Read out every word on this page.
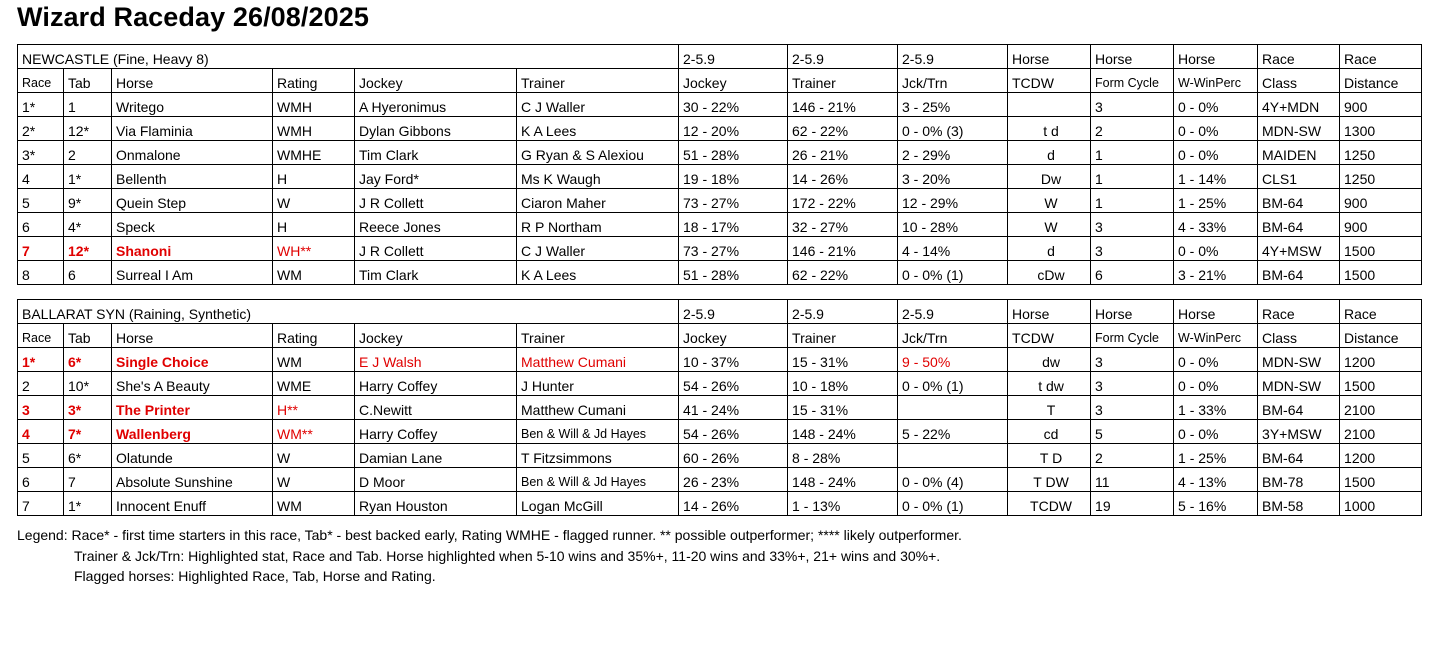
Wizard Raceday 26/08/2025
NEWCASTLE (Fine, Heavy 8)						2-5.9	2-5.9	2-5.9	Horse	Horse	Horse	Race	Race
Race	Tab	Horse	Rating	Jockey	Trainer	Jockey	Trainer	Jck/Trn	TCDW	Form Cycle	W-WinPerc	Class	Distance
1*	1	Writego	WMH	A Hyeronimus	C J Waller	30 - 22%	146 - 21%	3 - 25%		3	0 - 0%	4Y+MDN	900
2*	12*	Via Flaminia	WMH	Dylan Gibbons	K A Lees	12 - 20%	62 - 22%	0 - 0% (3)	t d	2	0 - 0%	MDN-SW	1300
3*	2	Onmalone	WMHE	Tim Clark	G Ryan & S Alexiou	51 - 28%	26 - 21%	2 - 29%	d	1	0 - 0%	MAIDEN	1250
4	1*	Bellenth	H	Jay Ford*	Ms K Waugh	19 - 18%	14 - 26%	3 - 20%	Dw	1	1 - 14%	CLS1	1250
5	9*	Quein Step	W	J R Collett	Ciaron Maher	73 - 27%	172 - 22%	12 - 29%	W	1	1 - 25%	BM-64	900
6	4*	Speck	H	Reece Jones	R P Northam	18 - 17%	32 - 27%	10 - 28%	W	3	4 - 33%	BM-64	900
7	12*	Shanoni	WH**	J R Collett	C J Waller	73 - 27%	146 - 21%	4 - 14%	d	3	0 - 0%	4Y+MSW	1500
8	6	Surreal I Am	WM	Tim Clark	K A Lees	51 - 28%	62 - 22%	0 - 0% (1)	cDw	6	3 - 21%	BM-64	1500
BALLARAT SYN (Raining, Synthetic)						2-5.9	2-5.9	2-5.9	Horse	Horse	Horse	Race	Race
Race	Tab	Horse	Rating	Jockey	Trainer	Jockey	Trainer	Jck/Trn	TCDW	Form Cycle	W-WinPerc	Class	Distance
1*	6*	Single Choice	WM	E J Walsh	Matthew Cumani	10 - 37%	15 - 31%	9 - 50%	dw	3	0 - 0%	MDN-SW	1200
2	10*	She's A Beauty	WME	Harry Coffey	J Hunter	54 - 26%	10 - 18%	0 - 0% (1)	t dw	3	0 - 0%	MDN-SW	1500
3	3*	The Printer	H**	C.Newitt	Matthew Cumani	41 - 24%	15 - 31%		T	3	1 - 33%	BM-64	2100
4	7*	Wallenberg	WM**	Harry Coffey	Ben & Will & Jd Hayes	54 - 26%	148 - 24%	5 - 22%	cd	5	0 - 0%	3Y+MSW	2100
5	6*	Olatunde	W	Damian Lane	T Fitzsimmons	60 - 26%	8 - 28%		T D	2	1 - 25%	BM-64	1200
6	7	Absolute Sunshine	W	D Moor	Ben & Will & Jd Hayes	26 - 23%	148 - 24%	0 - 0% (4)	T DW	11	4 - 13%	BM-78	1500
7	1*	Innocent Enuff	WM	Ryan Houston	Logan McGill	14 - 26%	1 - 13%	0 - 0% (1)	TCDW	19	5 - 16%	BM-58	1000
Legend: Race* - first time starters in this race, Tab* - best backed early, Rating WMHE - flagged runner. ** possible outperformer; **** likely outperformer.
Trainer & Jck/Trn: Highlighted stat, Race and Tab. Horse highlighted when 5-10 wins and 35%+, 11-20 wins and 33%+, 21+ wins and 30%+.
Flagged horses: Highlighted Race, Tab, Horse and Rating.
